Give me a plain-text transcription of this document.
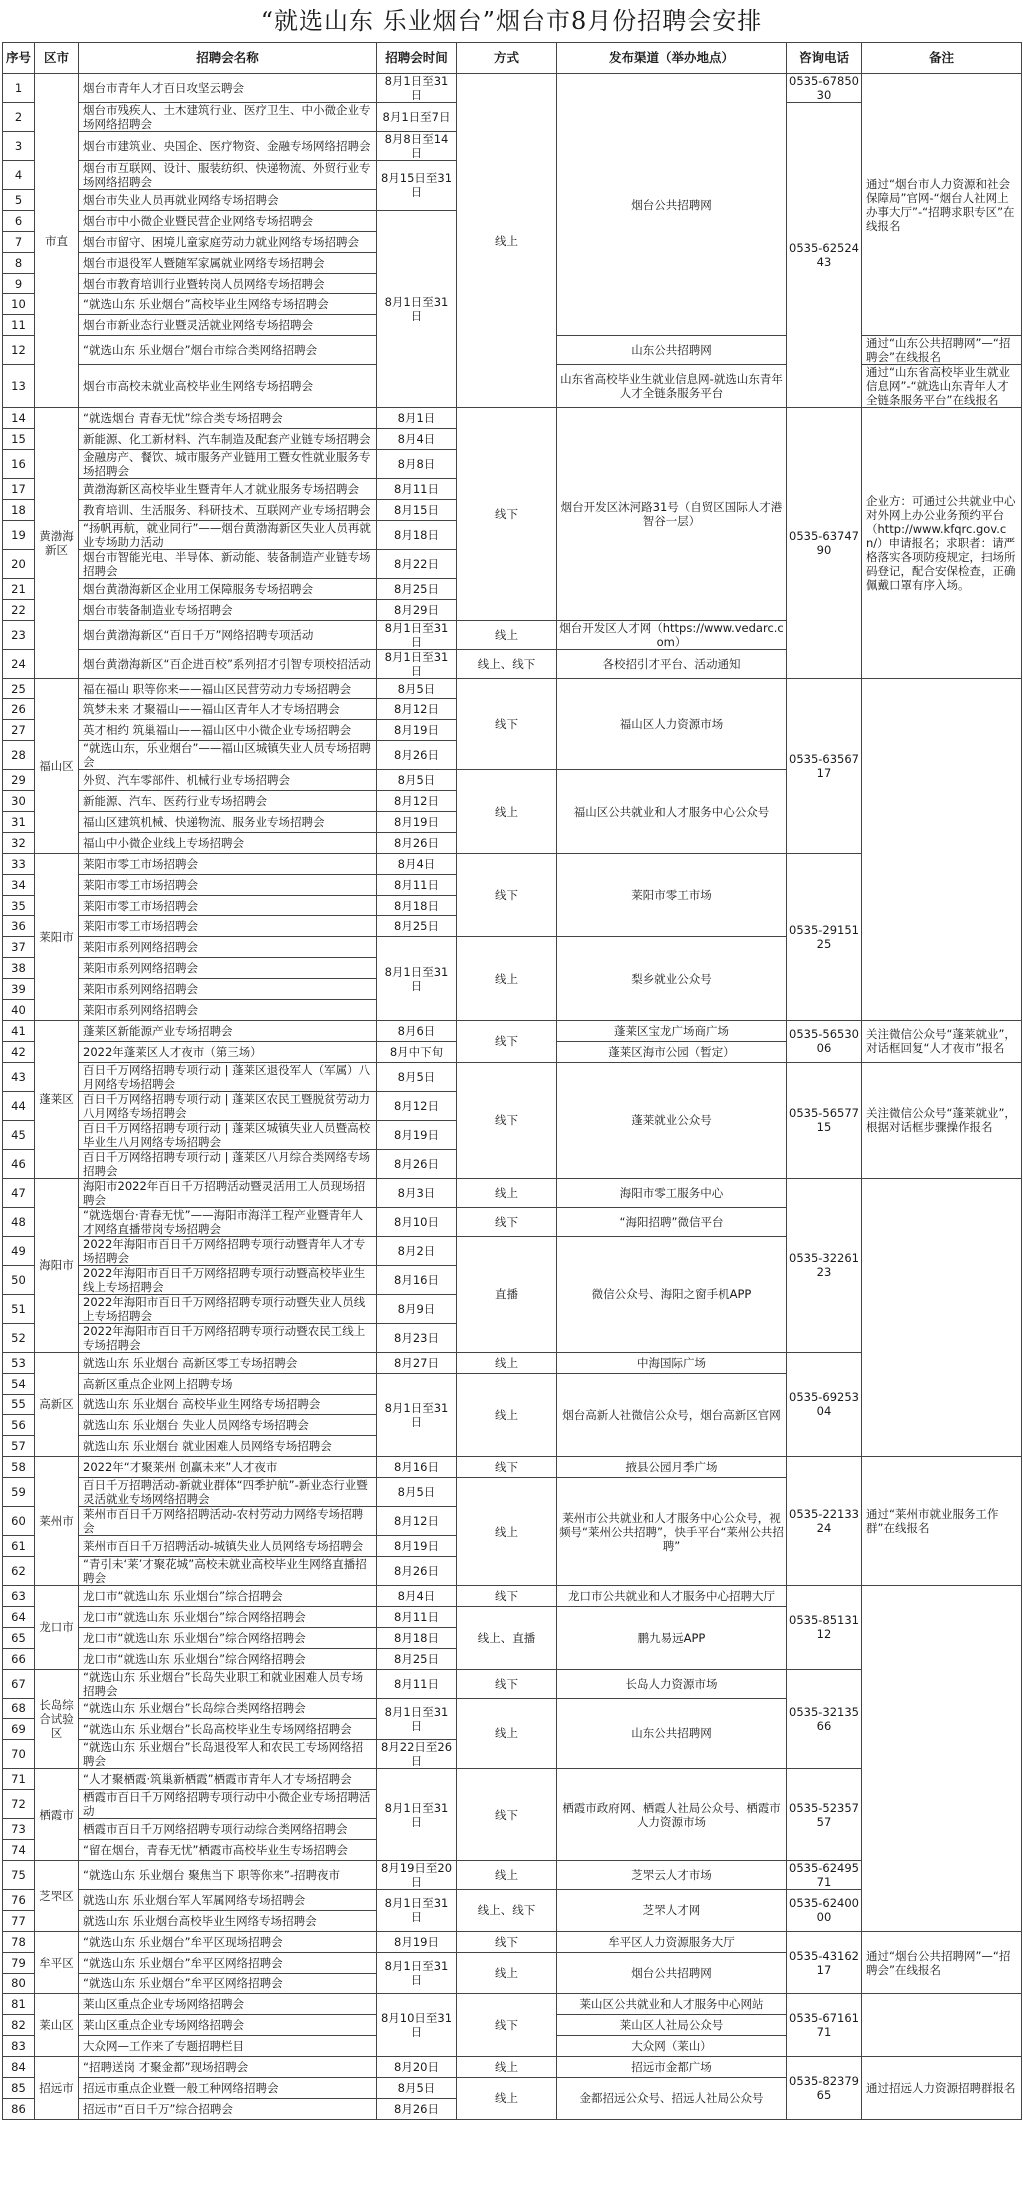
“就选山东 乐业烟台”烟台市8月份招聘会安排
序号	区市	招聘会名称	招聘会时间	方式	发布渠道（举办地点）	咨询电话	备注
1	市直	烟台市青年人才百日攻坚云聘会	8月1日至31日	线上	烟台公共招聘网	0535-6785030	通过“烟台市人力资源和社会保障局”官网-“烟台人社网上办事大厅”-“招聘求职专区”在线报名
2		烟台市残疾人、土木建筑行业、医疗卫生、中小微企业专场网络招聘会	8月1日至7日			0535-6252443	
3		烟台市建筑业、央国企、医疗物资、金融专场网络招聘会	8月8日至14日				
4		烟台市互联网、设计、服装纺织、快递物流、外贸行业专场网络招聘会	8月15日至31日				
5		烟台市失业人员再就业网络专场招聘会					
6		烟台市中小微企业暨民营企业网络专场招聘会	8月1日至31日				
7		烟台市留守、困境儿童家庭劳动力就业网络专场招聘会					
8		烟台市退役军人暨随军家属就业网络专场招聘会					
9		烟台市教育培训行业暨转岗人员网络专场招聘会					
10		“就选山东 乐业烟台”高校毕业生网络专场招聘会					
11		烟台市新业态行业暨灵活就业网络专场招聘会					
12		“就选山东 乐业烟台”烟台市综合类网络招聘会			山东公共招聘网		通过“山东公共招聘网”—“招聘会”在线报名
13		烟台市高校未就业高校毕业生网络专场招聘会			山东省高校毕业生就业信息网-就选山东青年人才全链条服务平台		通过“山东省高校毕业生就业信息网”-“就选山东青年人才全链条服务平台”在线报名
14	黄渤海新区	“就选烟台 青春无忧”综合类专场招聘会	8月1日	线下	烟台开发区沐河路31号（自贸区国际人才港智谷一层）	0535-6374790	企业方：可通过公共就业中心对外网上办公业务预约平台（http://www.kfqrc.gov.cn/）申请报名；求职者：请严格落实各项防疫规定，扫场所码登记，配合安保检查，正确佩戴口罩有序入场。
15		新能源、化工新材料、汽车制造及配套产业链专场招聘会	8月4日				
16		金融房产、餐饮、城市服务产业链用工暨女性就业服务专场招聘会	8月8日				
17		黄渤海新区高校毕业生暨青年人才就业服务专场招聘会	8月11日				
18		教育培训、生活服务、科研技术、互联网产业专场招聘会	8月15日				
19		“扬帆再航，就业同行”——烟台黄渤海新区失业人员再就业专场助力活动	8月18日				
20		烟台市智能光电、半导体、新动能、装备制造产业链专场招聘会	8月22日				
21		烟台黄渤海新区企业用工保障服务专场招聘会	8月25日				
22		烟台市装备制造业专场招聘会	8月29日				
23		烟台黄渤海新区“百日千万”网络招聘专项活动	8月1日至31日	线上	烟台开发区人才网（https://www.vedarc.com）		
24		烟台黄渤海新区“百企进百校”系列招才引智专项校招活动	8月1日至31日	线上、线下	各校招引才平台、活动通知		
25	福山区	福在福山 职等你来——福山区民营劳动力专场招聘会	8月5日	线下	福山区人力资源市场	0535-6356717	
26		筑梦未来 才聚福山——福山区青年人才专场招聘会	8月12日				
27		英才相约 筑巢福山——福山区中小微企业专场招聘会	8月19日				
28		“就选山东，乐业烟台”——福山区城镇失业人员专场招聘会	8月26日				
29		外贸、汽车零部件、机械行业专场招聘会	8月5日	线上	福山区公共就业和人才服务中心公众号		
30		新能源、汽车、医药行业专场招聘会	8月12日				
31		福山区建筑机械、快递物流、服务业专场招聘会	8月19日				
32		福山中小微企业线上专场招聘会	8月26日				
33	莱阳市	莱阳市零工市场招聘会	8月4日	线下	莱阳市零工市场	0535-2915125	
34		莱阳市零工市场招聘会	8月11日				
35		莱阳市零工市场招聘会	8月18日				
36		莱阳市零工市场招聘会	8月25日				
37		莱阳市系列网络招聘会	8月1日至31日	线上	梨乡就业公众号		
38		莱阳市系列网络招聘会					
39		莱阳市系列网络招聘会					
40		莱阳市系列网络招聘会					
41	蓬莱区	蓬莱区新能源产业专场招聘会	8月6日	线下	蓬莱区宝龙广场商广场	0535-5653006	关注微信公众号“蓬莱就业”，对话框回复“人才夜市”报名
42		2022年蓬莱区人才夜市（第三场）	8月中下旬		蓬莱区海市公园（暂定）		
43		百日千万网络招聘专项行动 | 蓬莱区退役军人（军属）八月网络专场招聘会	8月5日	线下	蓬莱就业公众号	0535-5657715	关注微信公众号“蓬莱就业”，根据对话框步骤操作报名
44		百日千万网络招聘专项行动 | 蓬莱区农民工暨脱贫劳动力八月网络专场招聘会	8月12日				
45		百日千万网络招聘专项行动 | 蓬莱区城镇失业人员暨高校毕业生八月网络专场招聘会	8月19日				
46		百日千万网络招聘专项行动 | 蓬莱区八月综合类网络专场招聘会	8月26日				
47	海阳市	海阳市2022年百日千万招聘活动暨灵活用工人员现场招聘会	8月3日	线上	海阳市零工服务中心	0535-3226123	
48		“就选烟台·青春无忧”——海阳市海洋工程产业暨青年人才网络直播带岗专场招聘会	8月10日	线下	“海阳招聘”微信平台		
49		2022年海阳市百日千万网络招聘专项行动暨青年人才专场招聘会	8月2日	直播	微信公众号、海阳之窗手机APP		
50		2022年海阳市百日千万网络招聘专项行动暨高校毕业生线上专场招聘会	8月16日				
51		2022年海阳市百日千万网络招聘专项行动暨失业人员线上专场招聘会	8月9日				
52		2022年海阳市百日千万网络招聘专项行动暨农民工线上专场招聘会	8月23日				
53	高新区	就选山东 乐业烟台 高新区零工专场招聘会	8月27日	线上	中海国际广场	0535-6925304	
54		高新区重点企业网上招聘专场	8月1日至31日	线上	烟台高新人社微信公众号，烟台高新区官网		
55		就选山东 乐业烟台 高校毕业生网络专场招聘会					
56		就选山东 乐业烟台 失业人员网络专场招聘会					
57		就选山东 乐业烟台 就业困难人员网络专场招聘会					
58	莱州市	2022年“才聚莱州 创赢未来”人才夜市	8月16日	线下	掖县公园月季广场	0535-2213324	通过“莱州市就业服务工作群”在线报名
59		百日千万招聘活动-新就业群体“四季护航”-新业态行业暨灵活就业专场网络招聘会	8月5日	线上	莱州市公共就业和人才服务中心公众号，视频号“莱州公共招聘”，快手平台“莱州公共招聘”		
60		莱州市百日千万网络招聘活动-农村劳动力网络专场招聘会	8月12日				
61		莱州市百日千万招聘活动-城镇失业人员网络专场招聘会	8月19日				
62		“青引未‘莱’才聚花城”高校未就业高校毕业生网络直播招聘会	8月26日				
63	龙口市	龙口市“就选山东 乐业烟台”综合招聘会	8月4日	线下	龙口市公共就业和人才服务中心招聘大厅	0535-8513112	
64		龙口市“就选山东 乐业烟台”综合网络招聘会	8月11日	线上、直播	鹏九易远APP		
65		龙口市“就选山东 乐业烟台”综合网络招聘会	8月18日				
66		龙口市“就选山东 乐业烟台”综合网络招聘会	8月25日				
67	长岛综合试验区	“就选山东 乐业烟台”长岛失业职工和就业困难人员专场招聘会	8月11日	线下	长岛人力资源市场	0535-3213566	
68		“就选山东 乐业烟台”长岛综合类网络招聘会	8月1日至31日	线上	山东公共招聘网		
69		“就选山东 乐业烟台”长岛高校毕业生专场网络招聘会					
70		“就选山东 乐业烟台”长岛退役军人和农民工专场网络招聘会	8月22日至26日				
71	栖霞市	“人才聚栖霞·筑巢新栖霞”栖霞市青年人才专场招聘会	8月1日至31日	线下	栖霞市政府网、栖霞人社局公众号、栖霞市人力资源市场	0535-5235757	
72		栖霞市百日千万网络招聘专项行动中小微企业专场招聘活动					
73		栖霞市百日千万网络招聘专项行动综合类网络招聘会					
74		“留在烟台，青春无忧”栖霞市高校毕业生专场招聘会					
75	芝罘区	“就选山东 乐业烟台 聚焦当下 职等你来”-招聘夜市	8月19日至20日	线上	芝罘云人才市场	0535-6249571	
76		就选山东 乐业烟台军人军属网络专场招聘会	8月1日至31日	线上、线下	芝罘人才网	0535-6240000	
77		就选山东 乐业烟台高校毕业生网络专场招聘会					
78	牟平区	“就选山东 乐业烟台”牟平区现场招聘会	8月19日	线下	牟平区人力资源服务大厅	0535-4316217	通过“烟台公共招聘网”—“招聘会”在线报名
79		“就选山东 乐业烟台”牟平区网络招聘会	8月1日至31日	线上	烟台公共招聘网		
80		“就选山东 乐业烟台”牟平区网络招聘会					
81	莱山区	莱山区重点企业专场网络招聘会	8月10日至31日	线下	莱山区公共就业和人才服务中心网站	0535-6716171	
82		莱山区重点企业专场网络招聘会			莱山区人社局公众号		
83		大众网—工作来了专题招聘栏目			大众网（莱山）		
84	招远市	“招聘送岗 才聚金都”现场招聘会	8月20日	线上	招远市金都广场	0535-8237965	通过招远人力资源招聘群报名
85		招远市重点企业暨一般工种网络招聘会	8月5日	线上	金都招远公众号、招远人社局公众号		
86		招远市“百日千万”综合招聘会	8月26日				
